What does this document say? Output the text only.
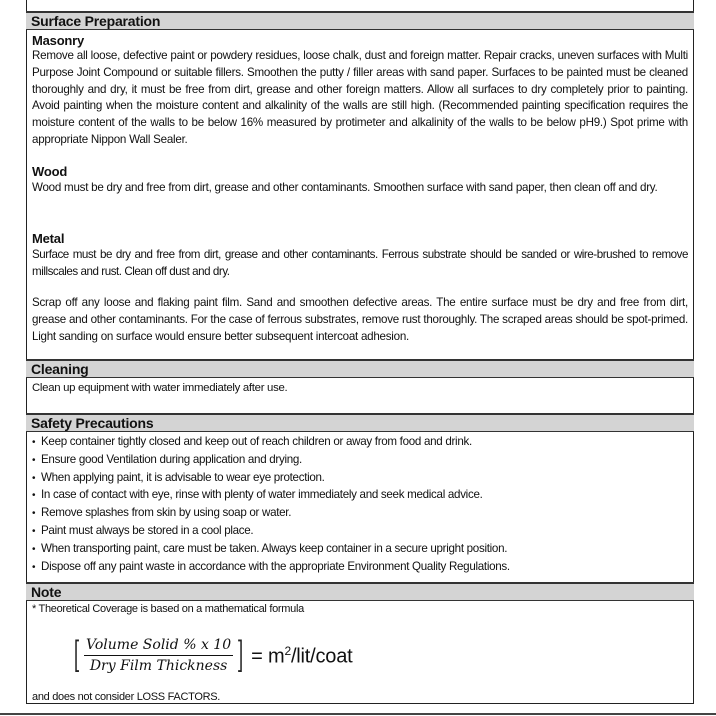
Surface Preparation
Masonry
Remove all loose, defective paint or powdery residues, loose chalk, dust and foreign matter. Repair cracks, uneven surfaces with Multi Purpose Joint Compound or suitable fillers. Smoothen the putty / filler areas with sand paper. Surfaces to be painted must be cleaned thoroughly and dry, it must be free from dirt, grease and other foreign matters. Allow all surfaces to dry completely prior to painting. Avoid painting when the moisture content and alkalinity of the walls are still high. (Recommended painting specification requires the moisture content of the walls to be below 16% measured by protimeter and alkalinity of the walls to be below pH9.) Spot prime with appropriate Nippon Wall Sealer.
Wood
Wood must be dry and free from dirt, grease and other contaminants. Smoothen surface with sand paper, then clean off and dry.
Metal
Surface must be dry and free from dirt, grease and other contaminants. Ferrous substrate should be sanded or wire-brushed to remove millscales and rust. Clean off dust and dry.
Scrap off any loose and flaking paint film. Sand and smoothen defective areas. The entire surface must be dry and free from dirt, grease and other contaminants. For the case of ferrous substrates, remove rust thoroughly. The scraped areas should be spot-primed. Light sanding on surface would ensure better subsequent intercoat adhesion.
Cleaning
Clean up equipment with water immediately after use.
Safety Precautions
• Keep container tightly closed and keep out of reach children or away from food and drink.
• Ensure good Ventilation during application and drying.
• When applying paint, it is advisable to wear eye protection.
• In case of contact with eye, rinse with plenty of water immediately and seek medical advice.
• Remove splashes from skin by using soap or water.
• Paint must always be stored in a cool place.
• When transporting paint, care must be taken. Always keep container in a secure upright position.
• Dispose off any paint waste in accordance with the appropriate Environment Quality Regulations.
Note
* Theoretical Coverage is based on a mathematical formula
[ $\frac{\text{Volume Solid \% x 10}}{\text{Dry Film Thickness}}$ ] = $m^2/lit$/coat
and does not consider LOSS FACTORS.
